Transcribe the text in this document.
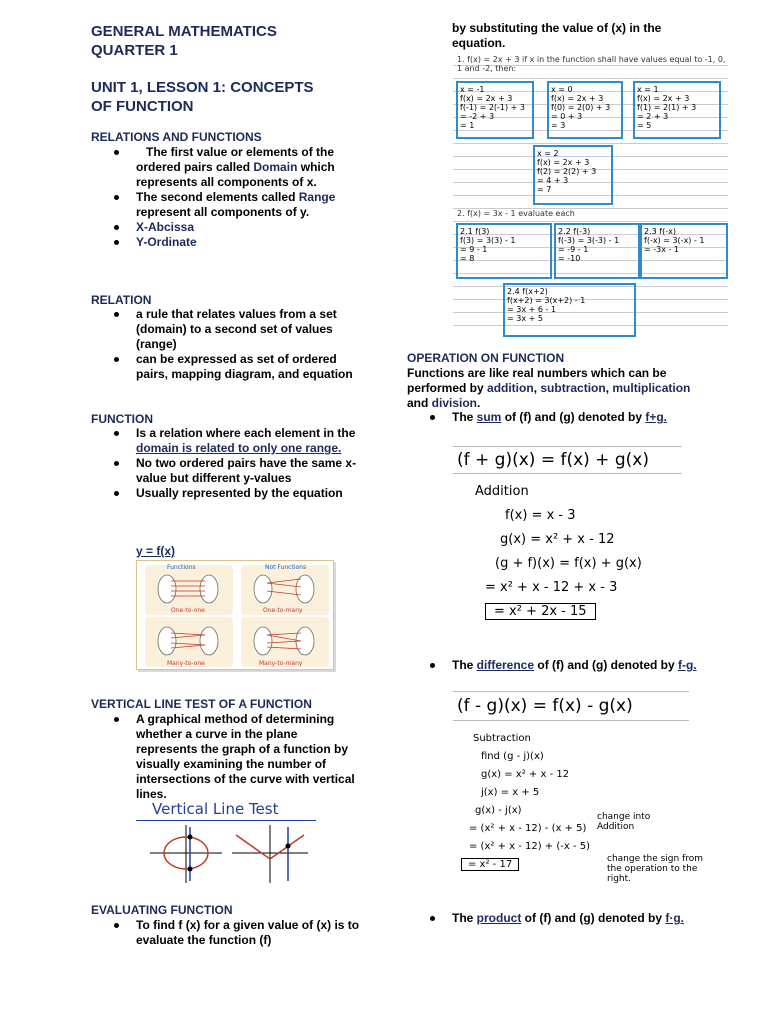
GENERAL MATHEMATICS
QUARTER 1
UNIT 1, LESSON 1: CONCEPTS
OF FUNCTION
RELATIONS AND FUNCTIONS
The first value or elements of the ordered pairs called Domain which represents all components of x.
The second elements called Range represent all components of y.
X-Abcissa
Y-Ordinate
RELATION
a rule that relates values from a set (domain) to a second set of values (range)
can be expressed as set of ordered pairs, mapping diagram, and equation
FUNCTION
Is a relation where each element in the domain is related to only one range.
No two ordered pairs have the same x-value but different y-values
Usually represented by the equation
y = f(x)
Functions	Not Functions
One-to-one	One-to-many
Many-to-one	Many-to-many
VERTICAL LINE TEST OF A FUNCTION
A graphical method of determining whether a curve in the plane represents the graph of a function by visually examining the number of intersections of the curve with vertical lines.
Vertical Line Test
EVALUATING FUNCTION
To find f (x) for a given value of (x) is to evaluate the function (f)
by substituting the value of (x) in the equation.
1. f(x) = 2x + 3 if x in the function shall have values equal to -1, 0, 1 and -2, then:
x = -1
f(x) = 2x + 3
f(-1) = 2(-1) + 3
= -2 + 3
= 1
x = 0
f(x) = 2x + 3
f(0) = 2(0) + 3
= 0 + 3
= 3
x = 1
f(x) = 2x + 3
f(1) = 2(1) + 3
= 2 + 3
= 5
x = 2
f(x) = 2x + 3
f(2) = 2(2) + 3
= 4 + 3
= 7
2. f(x) = 3x - 1 evaluate each
2.1 f(3)
f(3) = 3(3) - 1
= 9 - 1
= 8
2.2 f(-3)
f(-3) = 3(-3) - 1
= -9 - 1
= -10
2.3 f(-x)
f(-x) = 3(-x) - 1
= -3x - 1
2.4 f(x+2)
f(x+2) = 3(x+2) - 1
= 3x + 6 - 1
= 3x + 5
OPERATION ON FUNCTION
Functions are like real numbers which can be performed by addition, subtraction, multiplication and division.
The sum of (f) and (g) denoted by f+g.
(f + g)(x) = f(x) + g(x)
Addition
f(x) = x - 3
g(x) = x² + x - 12
(g + f)(x) = f(x) + g(x)
= x² + x - 12 + x - 3
= x² + 2x - 15
The difference of (f) and (g) denoted by f-g.
(f - g)(x) = f(x) - g(x)
Subtraction
find (g - j)(x)
g(x) = x² + x - 12
j(x) = x + 5
g(x) - j(x)
= (x² + x - 12) - (x + 5)
= (x² + x - 12) + (-x - 5)
= x² - 17
change into Addition
change the sign from the operation to the right.
The product of (f) and (g) denoted by f·g.
